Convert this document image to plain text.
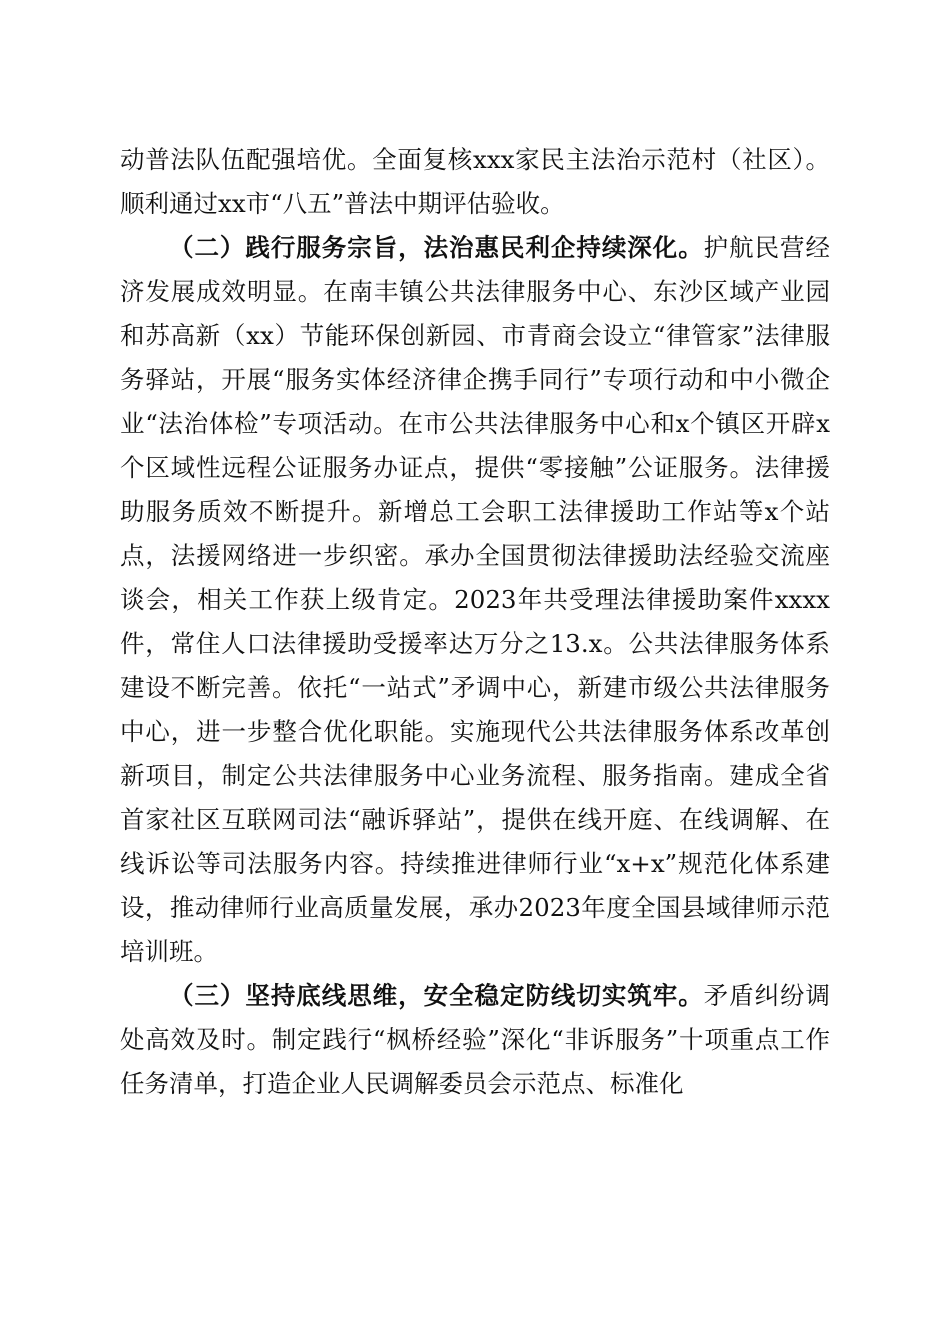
动普法队伍配强培优。全面复核xxx家民主法治示范村（社区）。顺利通过xx市“八五”普法中期评估验收。

（二）践行服务宗旨，法治惠民利企持续深化。护航民营经济发展成效明显。在南丰镇公共法律服务中心、东沙区域产业园和苏高新（xx）节能环保创新园、市青商会设立“律管家”法律服务驿站，开展“服务实体经济律企携手同行”专项行动和中小微企业“法治体检”专项活动。在市公共法律服务中心和x个镇区开辟x个区域性远程公证服务办证点，提供“零接触”公证服务。法律援助服务质效不断提升。新增总工会职工法律援助工作站等x个站点，法援网络进一步织密。承办全国贯彻法律援助法经验交流座谈会，相关工作获上级肯定。2023年共受理法律援助案件xxxx件，常住人口法律援助受援率达万分之13.x。公共法律服务体系建设不断完善。依托“一站式”矛调中心，新建市级公共法律服务中心，进一步整合优化职能。实施现代公共法律服务体系改革创新项目，制定公共法律服务中心业务流程、服务指南。建成全省首家社区互联网司法“融诉驿站”，提供在线开庭、在线调解、在线诉讼等司法服务内容。持续推进律师行业“x+x”规范化体系建设，推动律师行业高质量发展，承办2023年度全国县域律师示范培训班。

（三）坚持底线思维，安全稳定防线切实筑牢。矛盾纠纷调处高效及时。制定践行“枫桥经验”深化“非诉服务”十项重点工作任务清单，打造企业人民调解委员会示范点、标准化
